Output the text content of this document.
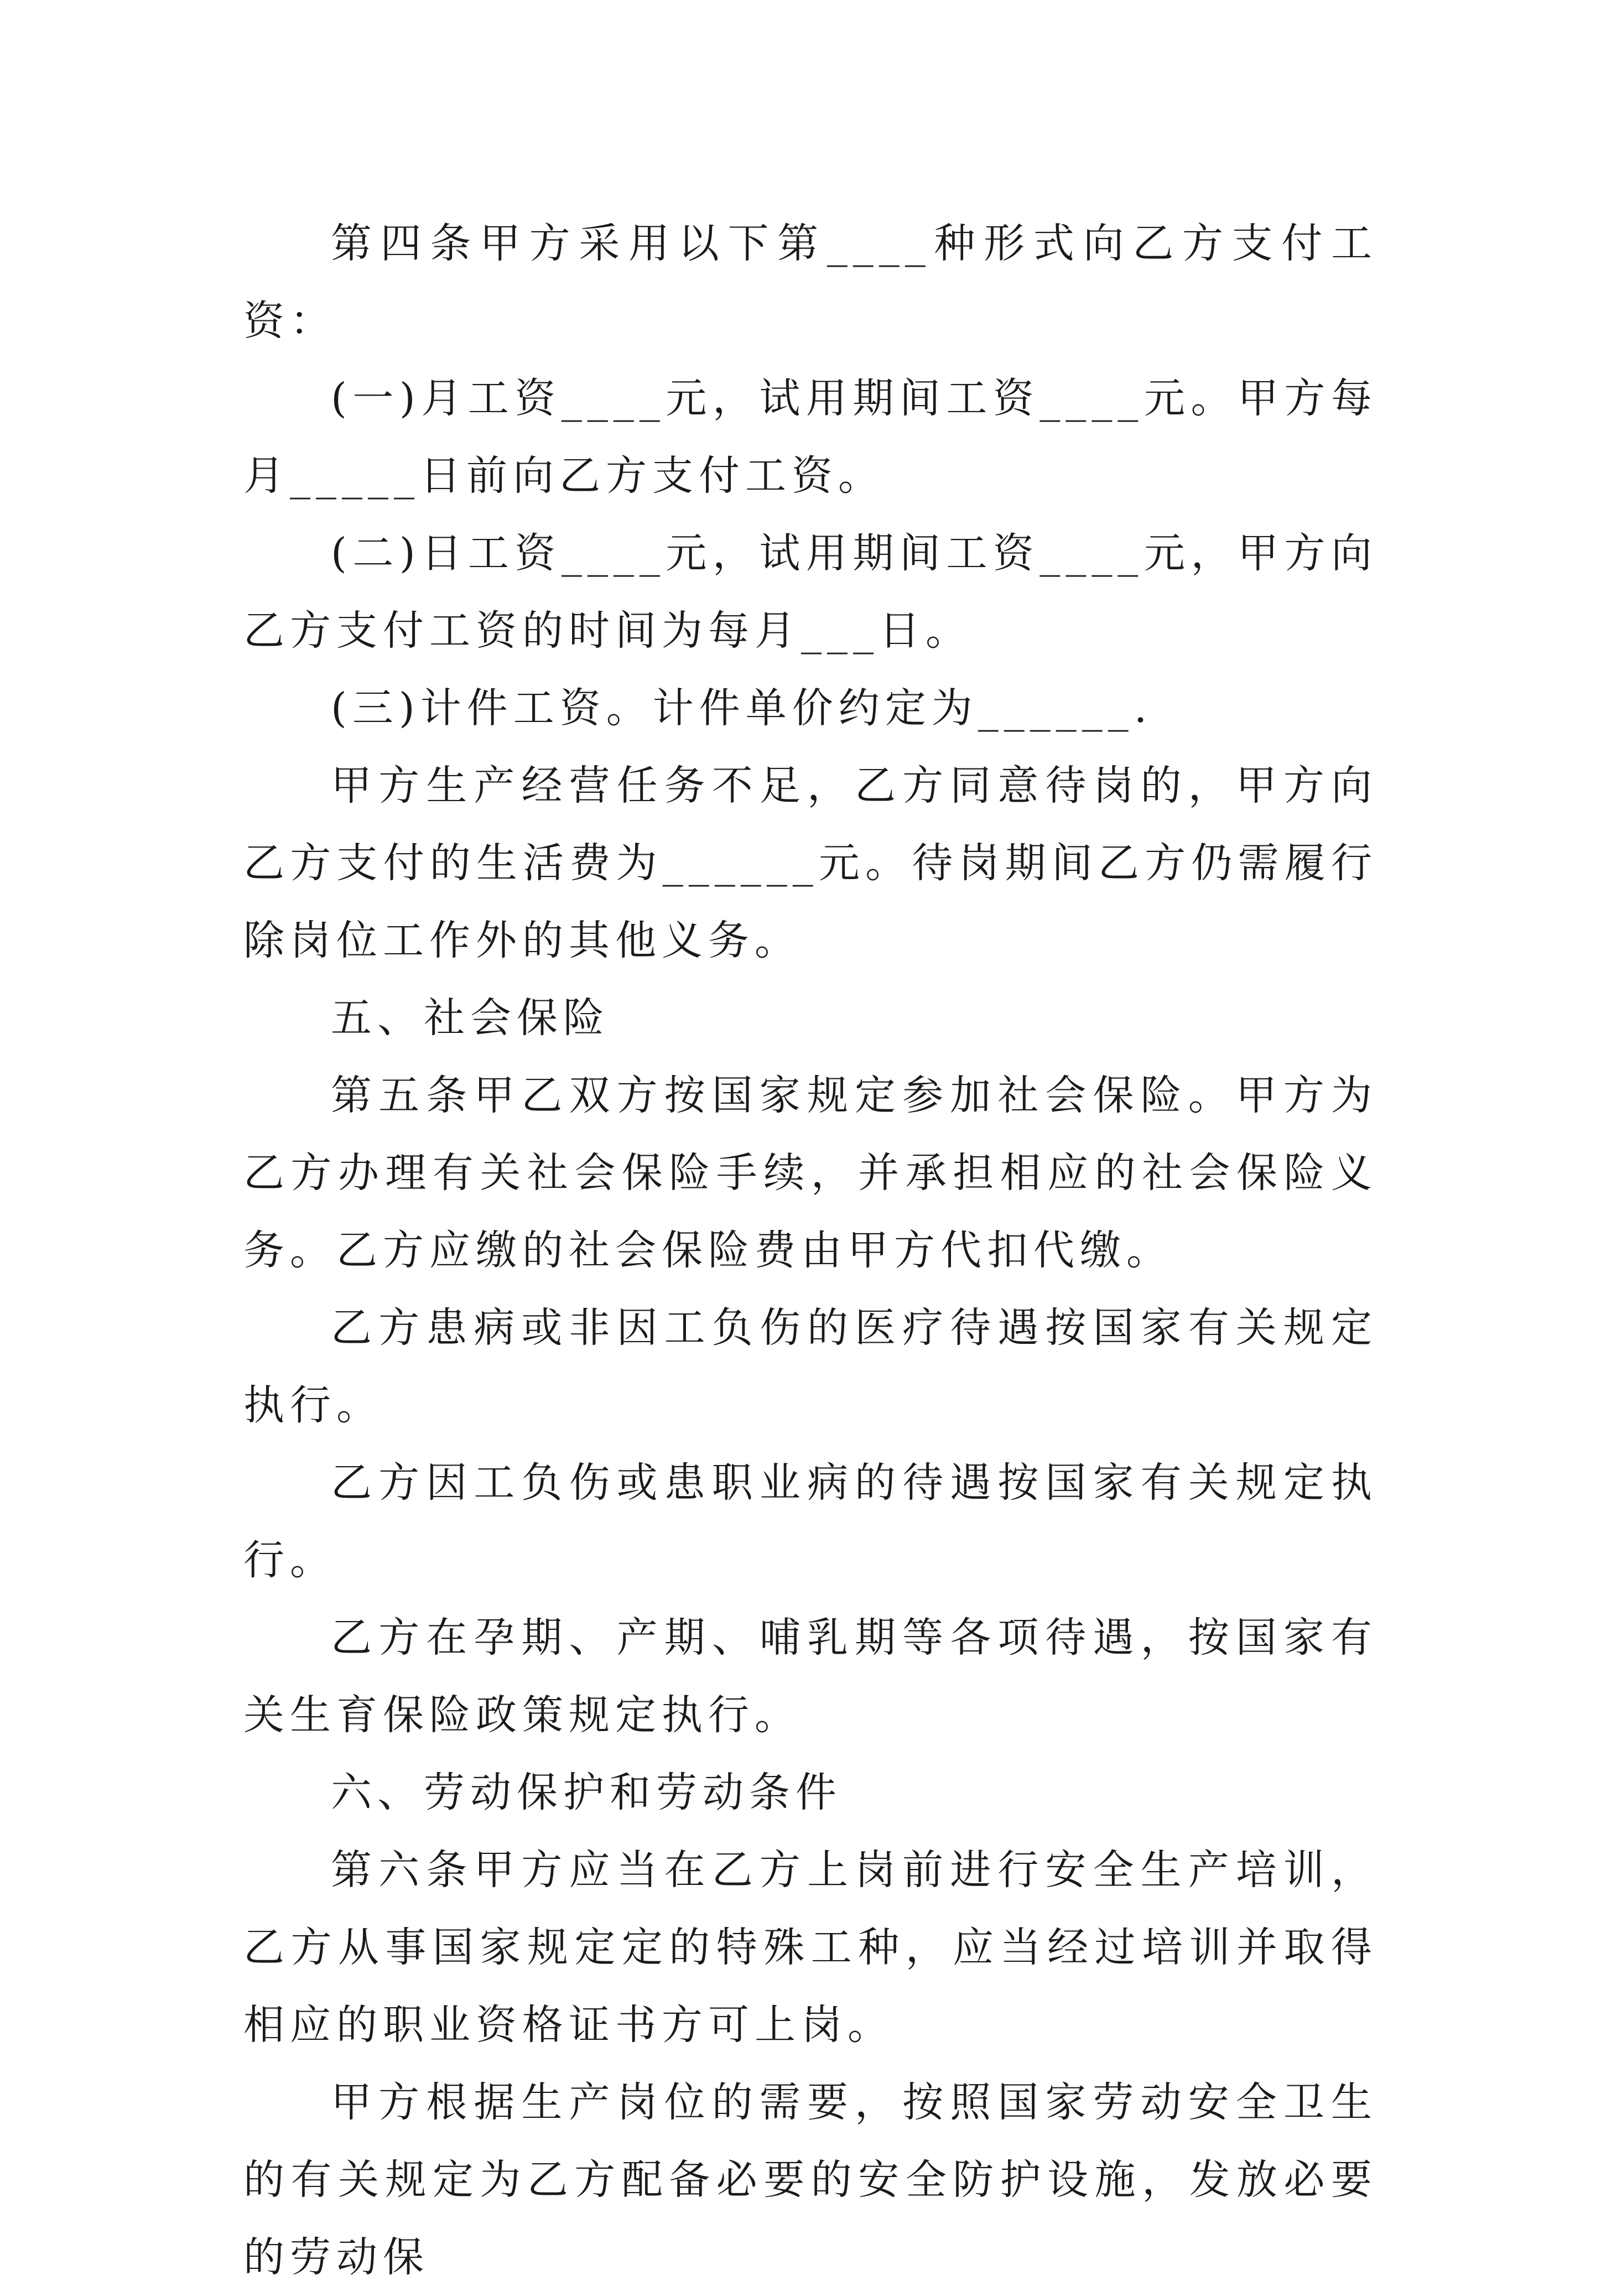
第四条甲方采用以下第____种形式向乙方支付工资：

(一)月工资____元，试用期间工资____元。甲方每月_____日前向乙方支付工资。

(二)日工资____元，试用期间工资____元，甲方向乙方支付工资的时间为每月___日。

(三)计件工资。计件单价约定为______.

甲方生产经营任务不足，乙方同意待岗的，甲方向乙方支付的生活费为______元。待岗期间乙方仍需履行除岗位工作外的其他义务。

五、社会保险

第五条甲乙双方按国家规定参加社会保险。甲方为乙方办理有关社会保险手续，并承担相应的社会保险义务。乙方应缴的社会保险费由甲方代扣代缴。

乙方患病或非因工负伤的医疗待遇按国家有关规定执行。

乙方因工负伤或患职业病的待遇按国家有关规定执行。

乙方在孕期、产期、哺乳期等各项待遇，按国家有关生育保险政策规定执行。

六、劳动保护和劳动条件

第六条甲方应当在乙方上岗前进行安全生产培训，乙方从事国家规定定的特殊工种，应当经过培训并取得相应的职业资格证书方可上岗。

甲方根据生产岗位的需要，按照国家劳动安全卫生的有关规定为乙方配备必要的安全防护设施，发放必要的劳动保
